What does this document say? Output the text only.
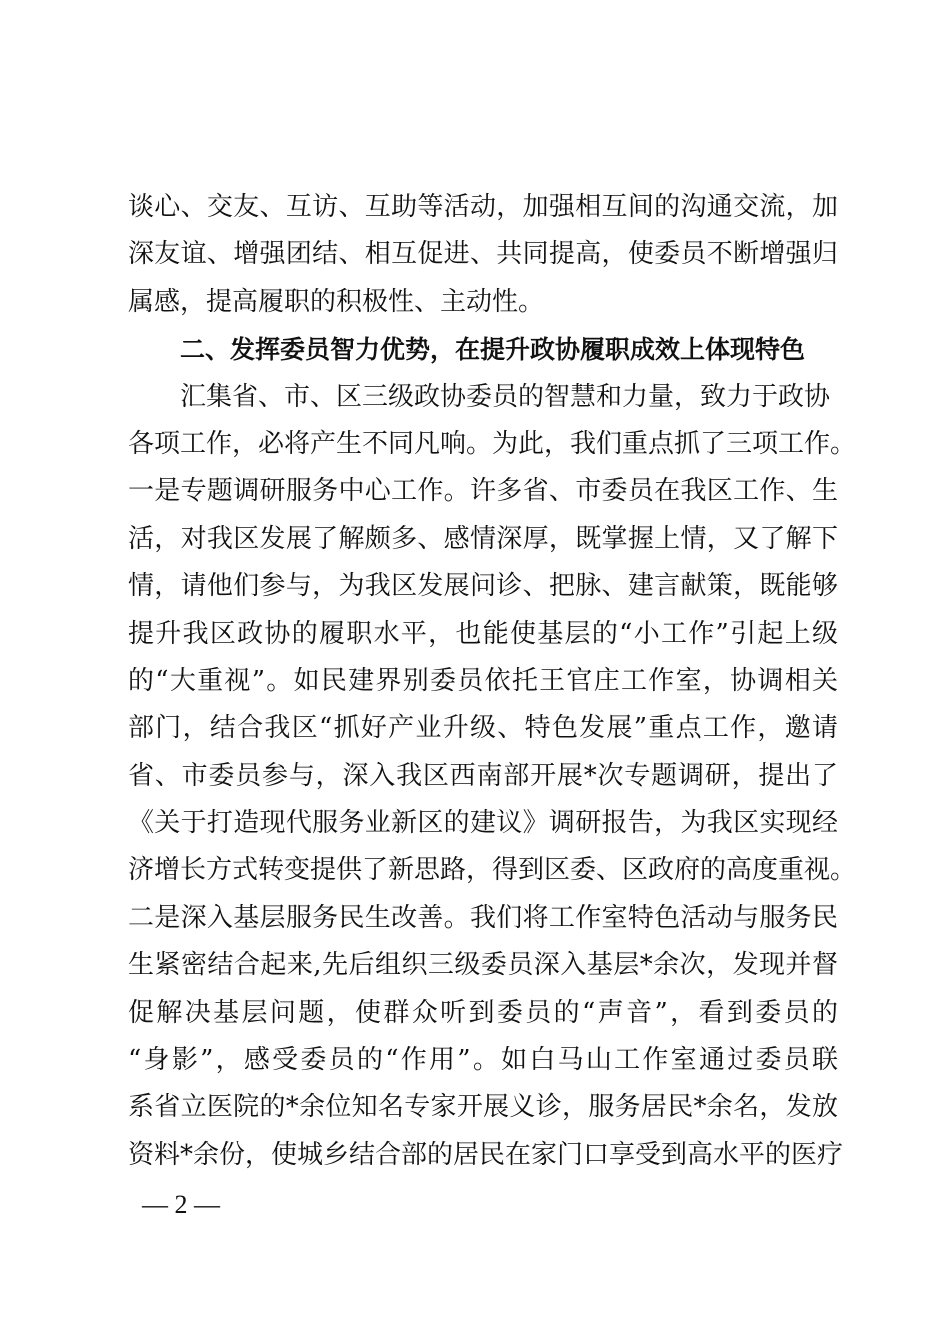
谈心、交友、互访、互助等活动，加强相互间的沟通交流，加
深友谊、增强团结、相互促进、共同提高，使委员不断增强归
属感，提高履职的积极性、主动性。
二、发挥委员智力优势，在提升政协履职成效上体现特色
汇集省、市、区三级政协委员的智慧和力量，致力于政协
各项工作，必将产生不同凡响。为此，我们重点抓了三项工作。
一是专题调研服务中心工作。许多省、市委员在我区工作、生
活，对我区发展了解颇多、感情深厚，既掌握上情，又了解下
情，请他们参与，为我区发展问诊、把脉、建言献策，既能够
提升我区政协的履职水平，也能使基层的“小工作”引起上级
的“大重视”。如民建界别委员依托王官庄工作室，协调相关
部门，结合我区“抓好产业升级、特色发展”重点工作，邀请
省、市委员参与，深入我区西南部开展*次专题调研，提出了
《关于打造现代服务业新区的建议》调研报告，为我区实现经
济增长方式转变提供了新思路，得到区委、区政府的高度重视。
二是深入基层服务民生改善。我们将工作室特色活动与服务民
生紧密结合起来,先后组织三级委员深入基层*余次，发现并督
促解决基层问题，使群众听到委员的“声音”，看到委员的
“身影”，感受委员的“作用”。如白马山工作室通过委员联
系省立医院的*余位知名专家开展义诊，服务居民*余名，发放
资料*余份，使城乡结合部的居民在家门口享受到高水平的医疗
— 2 —
